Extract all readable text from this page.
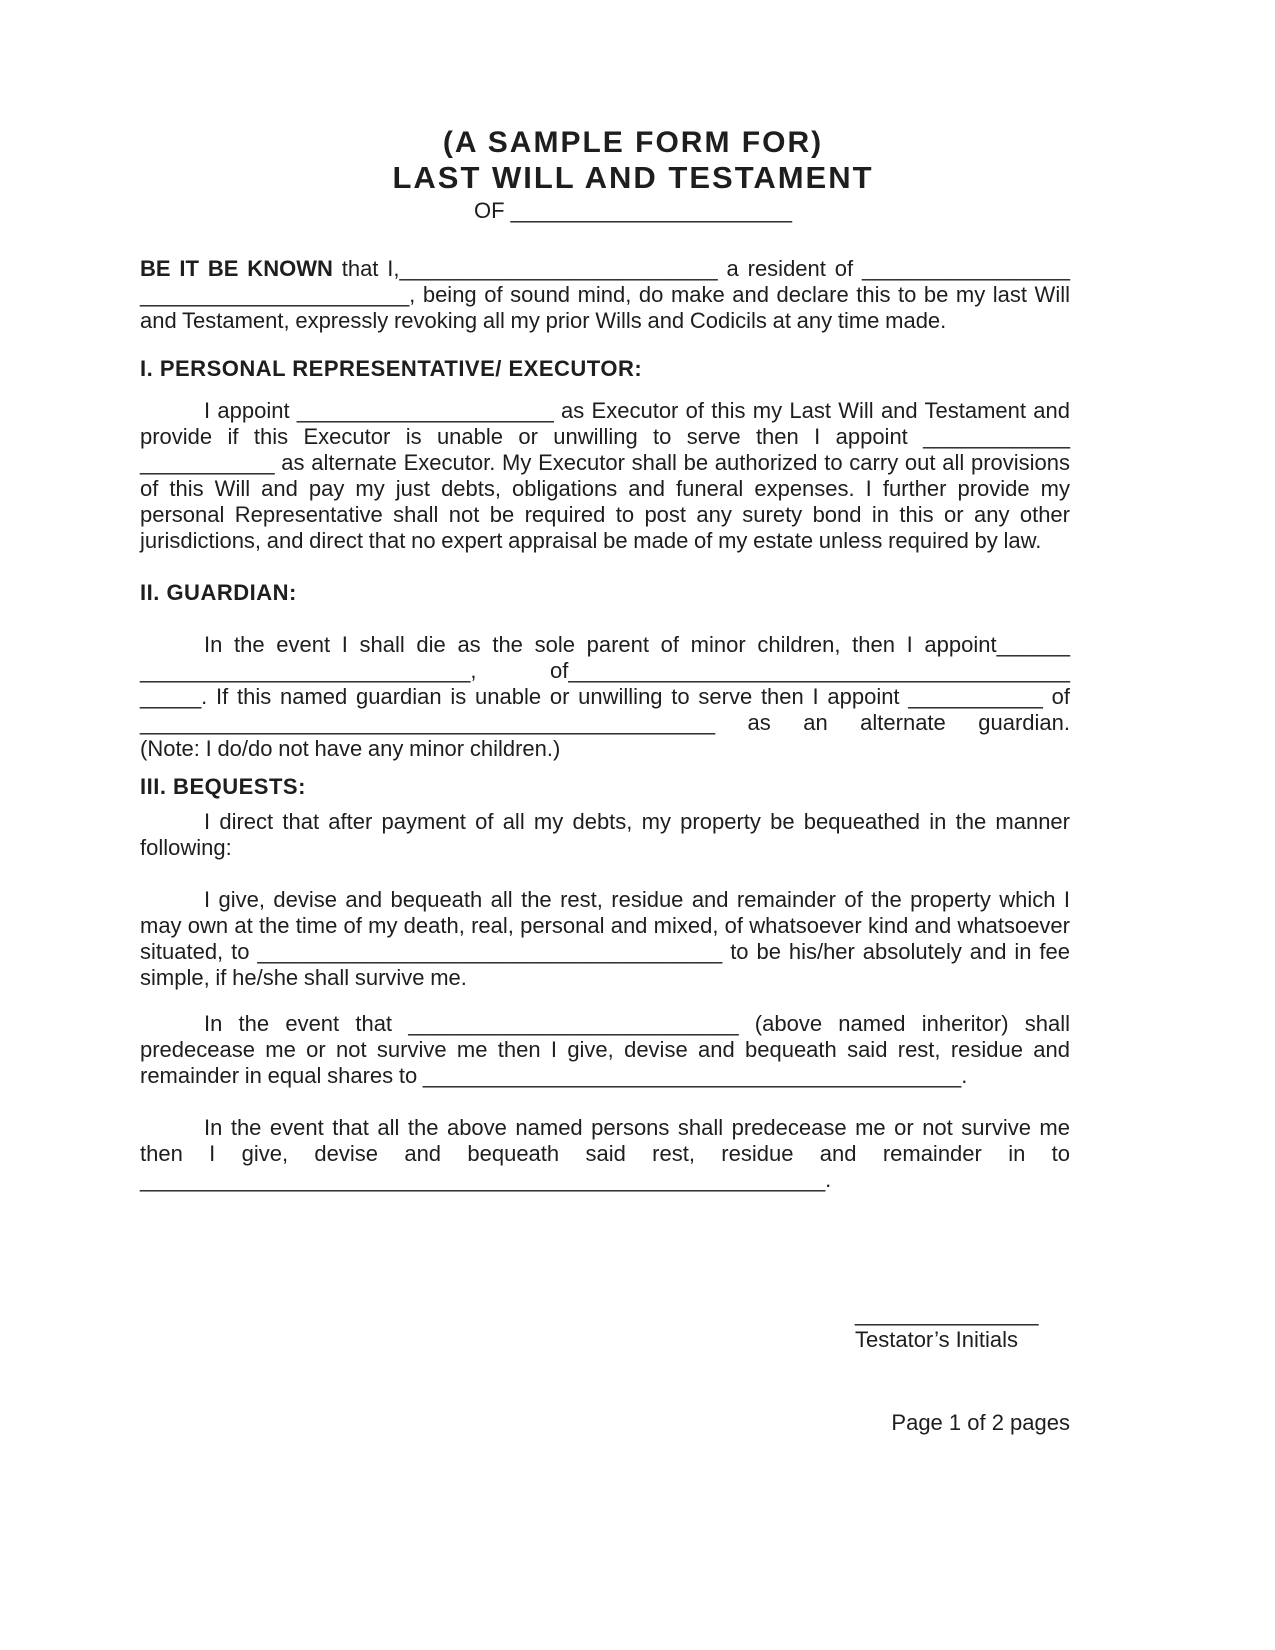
(A SAMPLE FORM FOR)
LAST WILL AND TESTAMENT
OF _______________________

BE IT BE KNOWN that I,__________________________ a resident of _________________ ______________________, being of sound mind, do make and declare this to be my last Will and Testament, expressly revoking all my prior Wills and Codicils at any time made.

I. PERSONAL REPRESENTATIVE/ EXECUTOR:

I appoint _____________________ as Executor of this my Last Will and Testament and provide if this Executor is unable or unwilling to serve then I appoint ____________ ___________ as alternate Executor. My Executor shall be authorized to carry out all provisions of this Will and pay my just debts, obligations and funeral expenses. I further provide my personal Representative shall not be required to post any surety bond in this or any other jurisdictions, and direct that no expert appraisal be made of my estate unless required by law.

II. GUARDIAN:

In the event I shall die as the sole parent of minor children, then I appoint______ ___________________________, of_________________________________________ _____. If this named guardian is unable or unwilling to serve then I appoint ___________ of _______________________________________________ as an alternate guardian.

(Note: I do/do not have any minor children.)

III. BEQUESTS:

I direct that after payment of all my debts, my property be bequeathed in the manner following:

I give, devise and bequeath all the rest, residue and remainder of the property which I may own at the time of my death, real, personal and mixed, of whatsoever kind and whatsoever situated, to ______________________________________ to be his/her absolutely and in fee simple, if he/she shall survive me.

In the event that ___________________________ (above named inheritor) shall predecease me or not survive me then I give, devise and bequeath said rest, residue and remainder in equal shares to ____________________________________________.

In the event that all the above named persons shall predecease me or not survive me then I give, devise and bequeath said rest, residue and remainder in to ________________________________________________________.

_______________
Testator’s Initials
Page 1 of 2 pages
